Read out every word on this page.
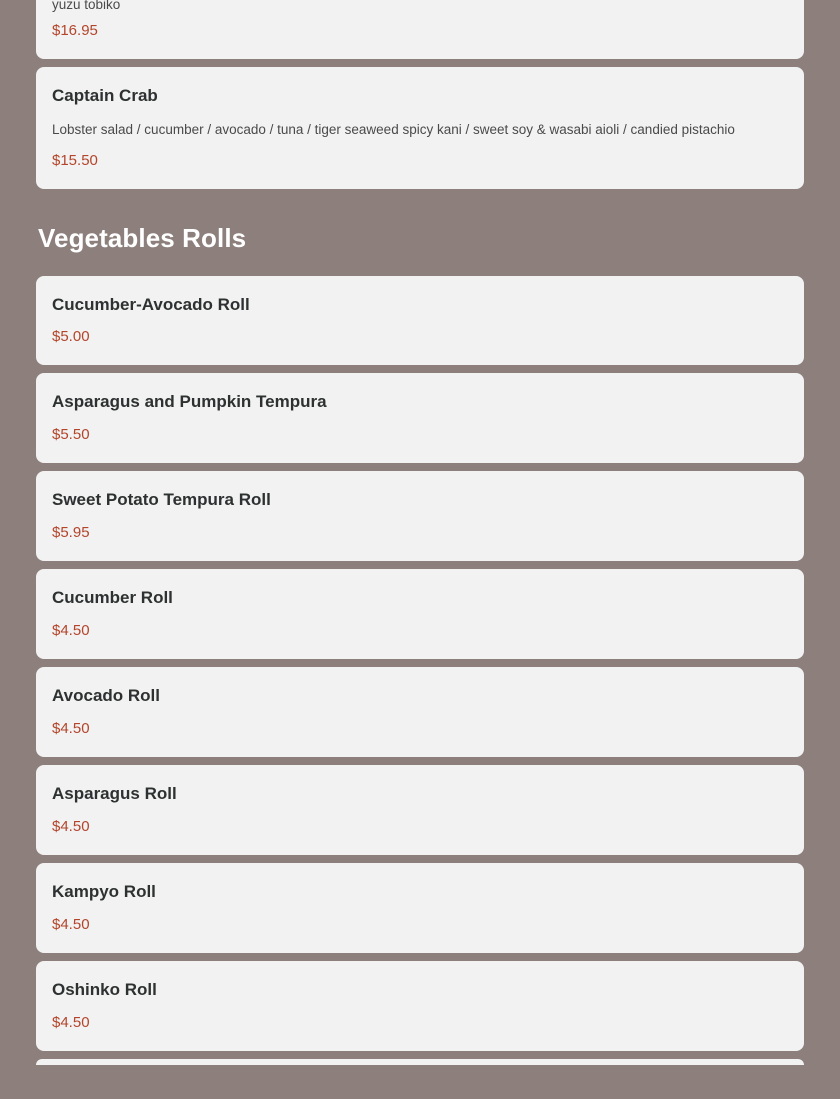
yuzu tobiko
$16.95
Captain Crab
Lobster salad / cucumber / avocado / tuna / tiger seaweed spicy kani / sweet soy & wasabi aioli / candied pistachio
$15.50
Vegetables Rolls
Cucumber-Avocado Roll
$5.00
Asparagus and Pumpkin Tempura
$5.50
Sweet Potato Tempura Roll
$5.95
Cucumber Roll
$4.50
Avocado Roll
$4.50
Asparagus Roll
$4.50
Kampyo Roll
$4.50
Oshinko Roll
$4.50
